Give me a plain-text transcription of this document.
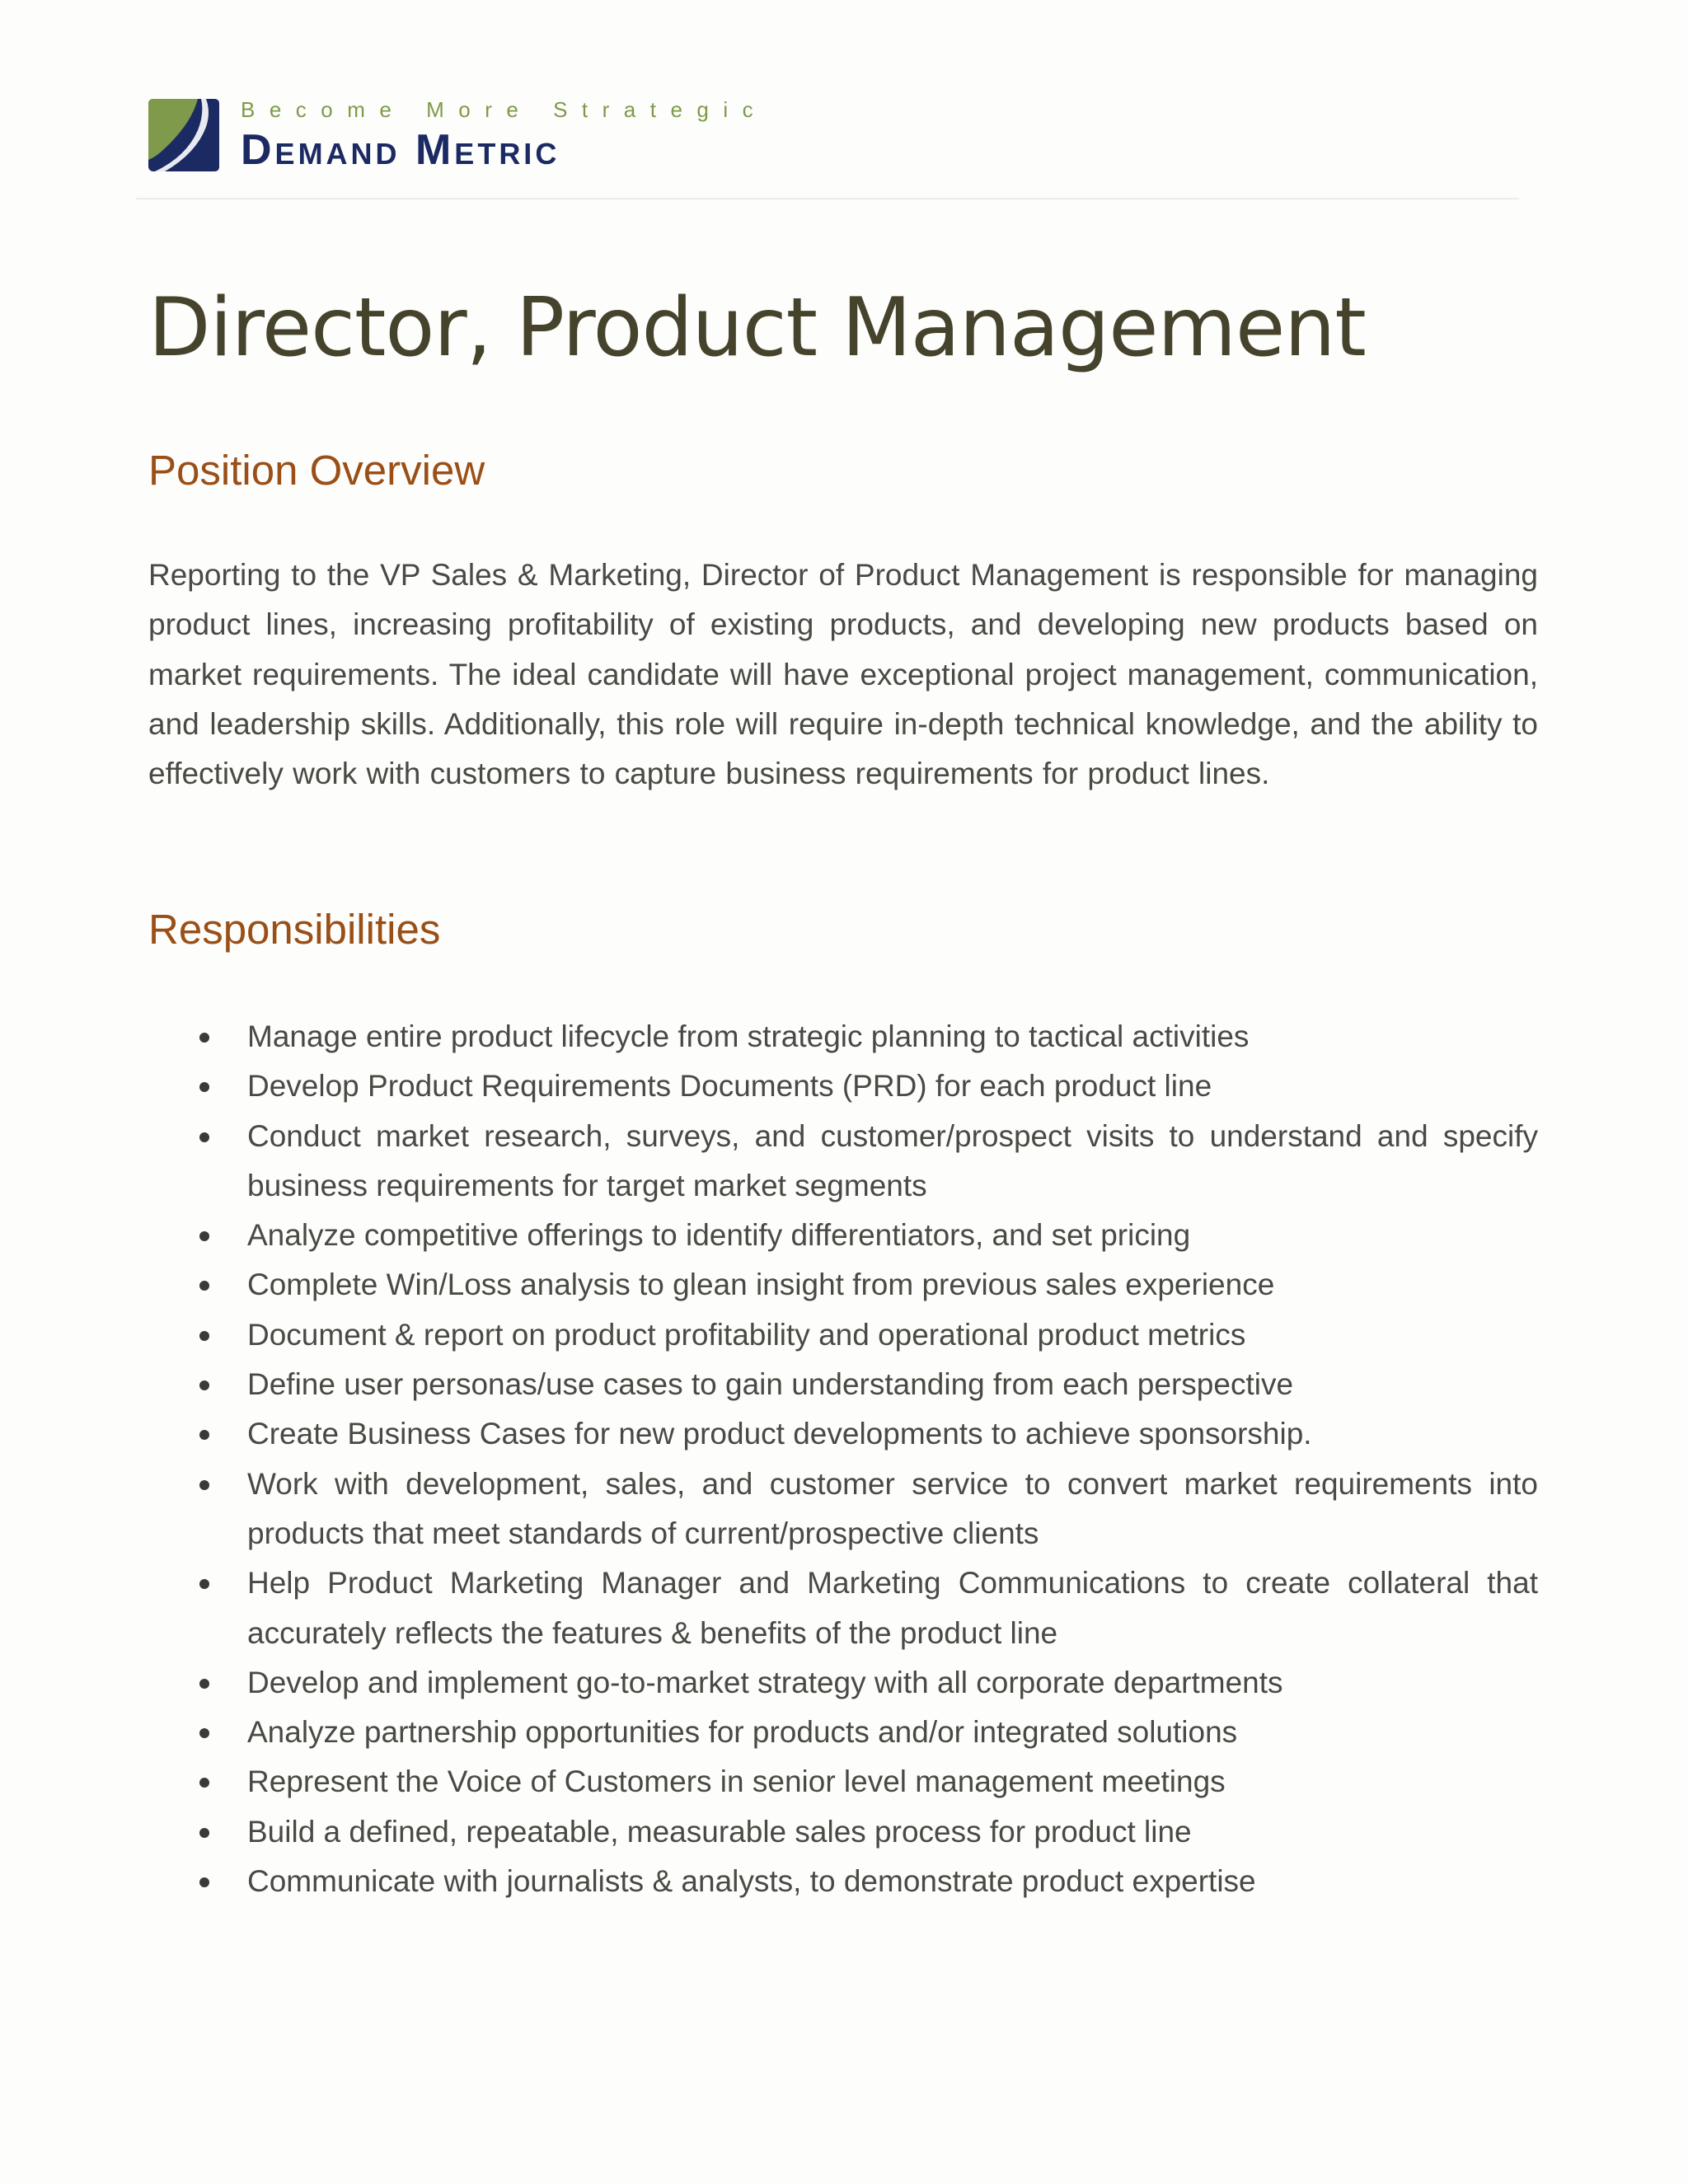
Become More Strategic
Demand Metric
Director, Product Management
Position Overview

Reporting to the VP Sales & Marketing, Director of Product Management is responsible for managing product lines, increasing profitability of existing products, and developing new products based on market requirements. The ideal candidate will have exceptional project management, communication, and leadership skills. Additionally, this role will require in-depth technical knowledge, and the ability to effectively work with customers to capture business requirements for product lines.

Responsibilities
Manage entire product lifecycle from strategic planning to tactical activities
Develop Product Requirements Documents (PRD) for each product line
Conduct market research, surveys, and customer/prospect visits to understand and specify business requirements for target market segments
Analyze competitive offerings to identify differentiators, and set pricing
Complete Win/Loss analysis to glean insight from previous sales experience
Document & report on product profitability and operational product metrics
Define user personas/use cases to gain understanding from each perspective
Create Business Cases for new product developments to achieve sponsorship.
Work with development, sales, and customer service to convert market requirements into products that meet standards of current/prospective clients
Help Product Marketing Manager and Marketing Communications to create collateral that accurately reflects the features & benefits of the product line
Develop and implement go-to-market strategy with all corporate departments
Analyze partnership opportunities for products and/or integrated solutions
Represent the Voice of Customers in senior level management meetings
Build a defined, repeatable, measurable sales process for product line
Communicate with journalists & analysts, to demonstrate product expertise
